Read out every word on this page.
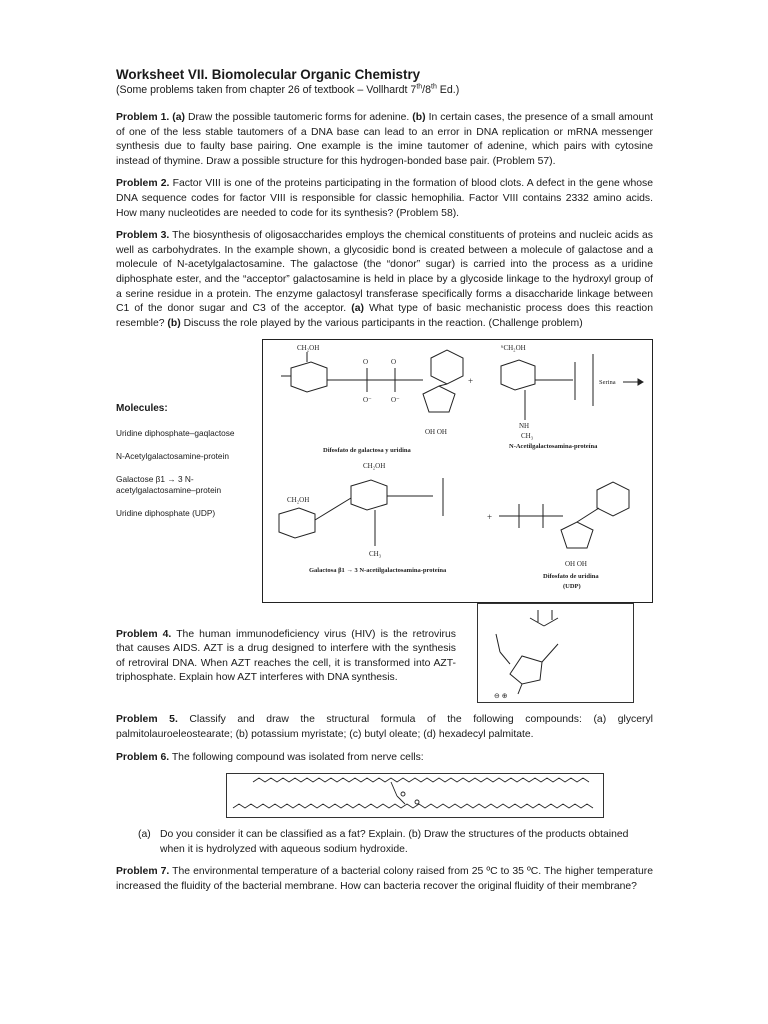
Worksheet VII. Biomolecular Organic Chemistry

(Some problems taken from chapter 26 of textbook – Vollhardt 7th/8th Ed.)

Problem 1. (a) Draw the possible tautomeric forms for adenine. (b) In certain cases, the presence of a small amount of one of the less stable tautomers of a DNA base can lead to an error in DNA replication or mRNA messenger synthesis due to faulty base pairing. One example is the imine tautomer of adenine, which pairs with cytosine instead of thymine. Draw a possible structure for this hydrogen-bonded base pair. (Problem 57).

Problem 2. Factor VIII is one of the proteins participating in the formation of blood clots. A defect in the gene whose DNA sequence codes for factor VIII is responsible for classic hemophilia. Factor VIII contains 2332 amino acids. How many nucleotides are needed to code for its synthesis? (Problem 58).

Problem 3. The biosynthesis of oligosaccharides employs the chemical constituents of proteins and nucleic acids as well as carbohydrates. In the example shown, a glycosidic bond is created between a molecule of galactose and a molecule of N-acetylgalactosamine. The galactose (the “donor” sugar) is carried into the process as a uridine diphosphate ester, and the “acceptor” galactosamine is held in place by a glycoside linkage to the hydroxyl group of a serine residue in a protein. The enzyme galactosyl transferase specifically forms a disaccharide linkage between C1 of the donor sugar and C3 of the acceptor. (a) What type of basic mechanistic process does this reaction resemble? (b) Discuss the role played by the various participants in the reaction. (Challenge problem)

Molecules:
Uridine diphosphate–gaqlactose
N-Acetylgalactosamine-protein
Galactose β1 → 3 N-acetylgalactosamine–protein
Uridine diphosphate (UDP)
CH₂OH
O	O
O⁻	O⁻
OH OH
Difosfato de galactosa y uridina
+
⁶CH₂OH
NH
CH₃
Serina
N-Acetilgalactosamina-proteína
CH₂OH
CH₂OH
CH₃
Galactosa β1 → 3 N-acetilgalactosamina-proteína
+
OH OH
Difosfato de uridina
(UDP)

Problem 4. The human immunodeficiency virus (HIV) is the retrovirus that causes AIDS. AZT is a drug designed to interfere with the synthesis of retroviral DNA. When AZT reaches the cell, it is transformed into AZT-triphosphate. Explain how AZT interferes with DNA synthesis.

⊖ ⊕

Problem 5. Classify and draw the structural formula of the following compounds: (a) glyceryl palmitolauroeleostearate; (b) potassium myristate; (c) butyl oleate; (d) hexadecyl palmitate.

Problem 6. The following compound was isolated from nerve cells:

(a) Do you consider it can be classified as a fat? Explain. (b) Draw the structures of the products obtained when it is hydrolyzed with aqueous sodium hydroxide.

Problem 7. The environmental temperature of a bacterial colony raised from 25 ºC to 35 ºC. The higher temperature increased the fluidity of the bacterial membrane. How can bacteria recover the original fluidity of their membrane?
